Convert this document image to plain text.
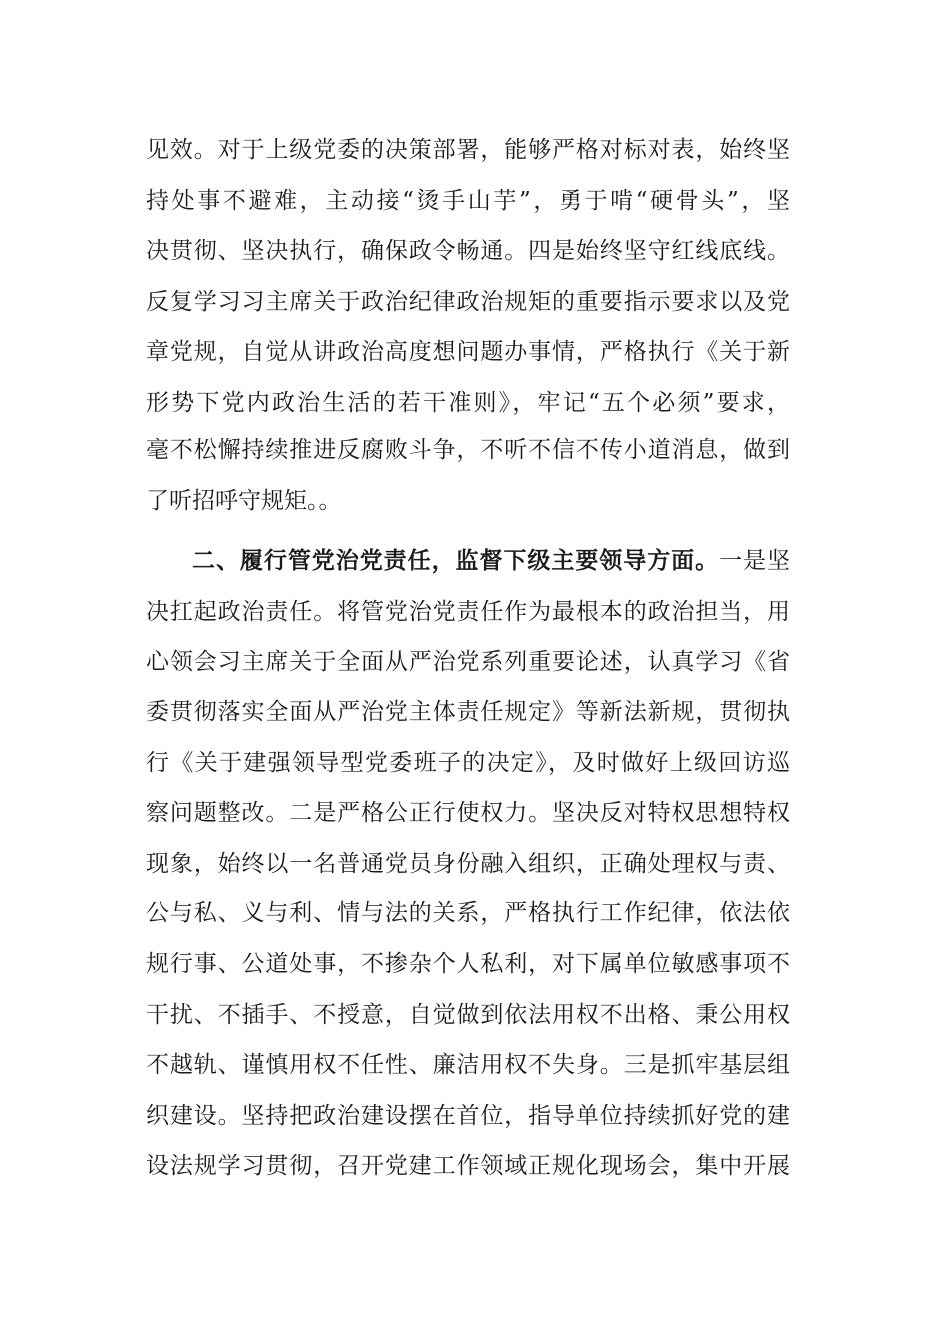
见效。对于上级党委的决策部署，能够严格对标对表，始终坚
持处事不避难，主动接“烫手山芋”，勇于啃“硬骨头”，坚
决贯彻、坚决执行，确保政令畅通。四是始终坚守红线底线。
反复学习习主席关于政治纪律政治规矩的重要指示要求以及党
章党规，自觉从讲政治高度想问题办事情，严格执行《关于新
形势下党内政治生活的若干准则》，牢记“五个必须”要求，
毫不松懈持续推进反腐败斗争，不听不信不传小道消息，做到
了听招呼守规矩。。
二、履行管党治党责任，监督下级主要领导方面。一是坚
决扛起政治责任。将管党治党责任作为最根本的政治担当，用
心领会习主席关于全面从严治党系列重要论述，认真学习《省
委贯彻落实全面从严治党主体责任规定》等新法新规，贯彻执
行《关于建强领导型党委班子的决定》，及时做好上级回访巡
察问题整改。二是严格公正行使权力。坚决反对特权思想特权
现象，始终以一名普通党员身份融入组织，正确处理权与责、
公与私、义与利、情与法的关系，严格执行工作纪律，依法依
规行事、公道处事，不掺杂个人私利，对下属单位敏感事项不
干扰、不插手、不授意，自觉做到依法用权不出格、秉公用权
不越轨、谨慎用权不任性、廉洁用权不失身。三是抓牢基层组
织建设。坚持把政治建设摆在首位，指导单位持续抓好党的建
设法规学习贯彻，召开党建工作领域正规化现场会，集中开展
